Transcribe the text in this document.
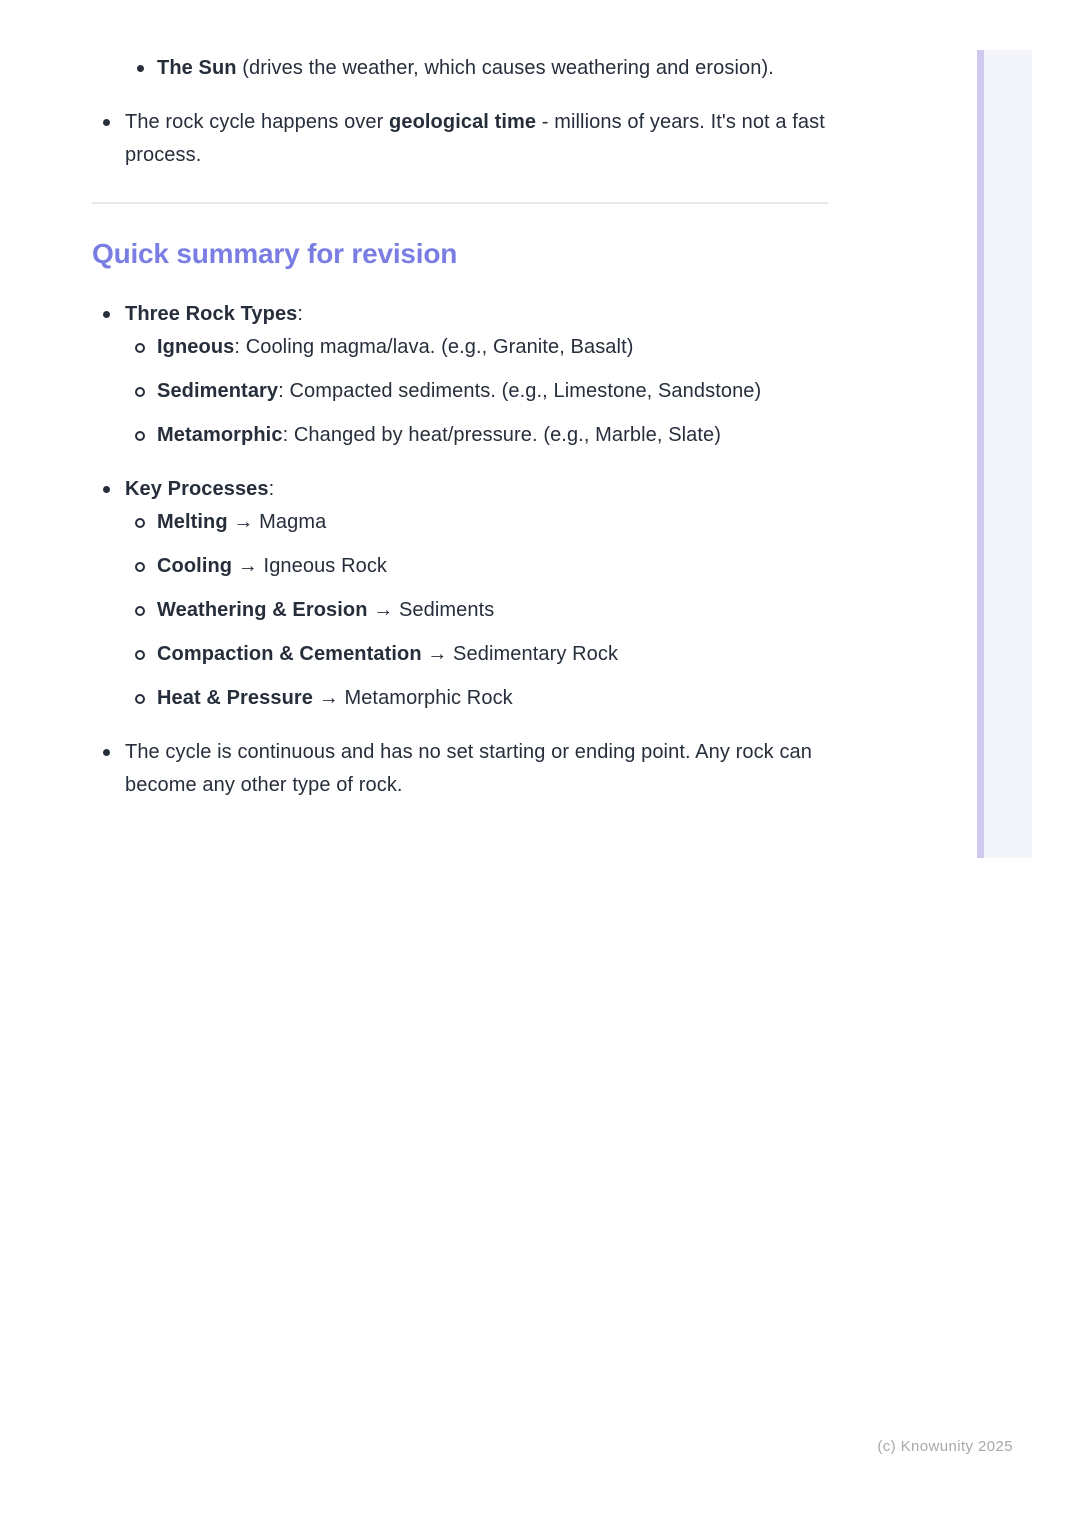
The Sun (drives the weather, which causes weathering and erosion).
The rock cycle happens over geological time - millions of years. It's not a fast process.
Quick summary for revision
Three Rock Types:
Igneous: Cooling magma/lava. (e.g., Granite, Basalt)
Sedimentary: Compacted sediments. (e.g., Limestone, Sandstone)
Metamorphic: Changed by heat/pressure. (e.g., Marble, Slate)
Key Processes:
Melting → Magma
Cooling → Igneous Rock
Weathering & Erosion → Sediments
Compaction & Cementation → Sedimentary Rock
Heat & Pressure → Metamorphic Rock
The cycle is continuous and has no set starting or ending point. Any rock can become any other type of rock.
(c) Knowunity 2025
